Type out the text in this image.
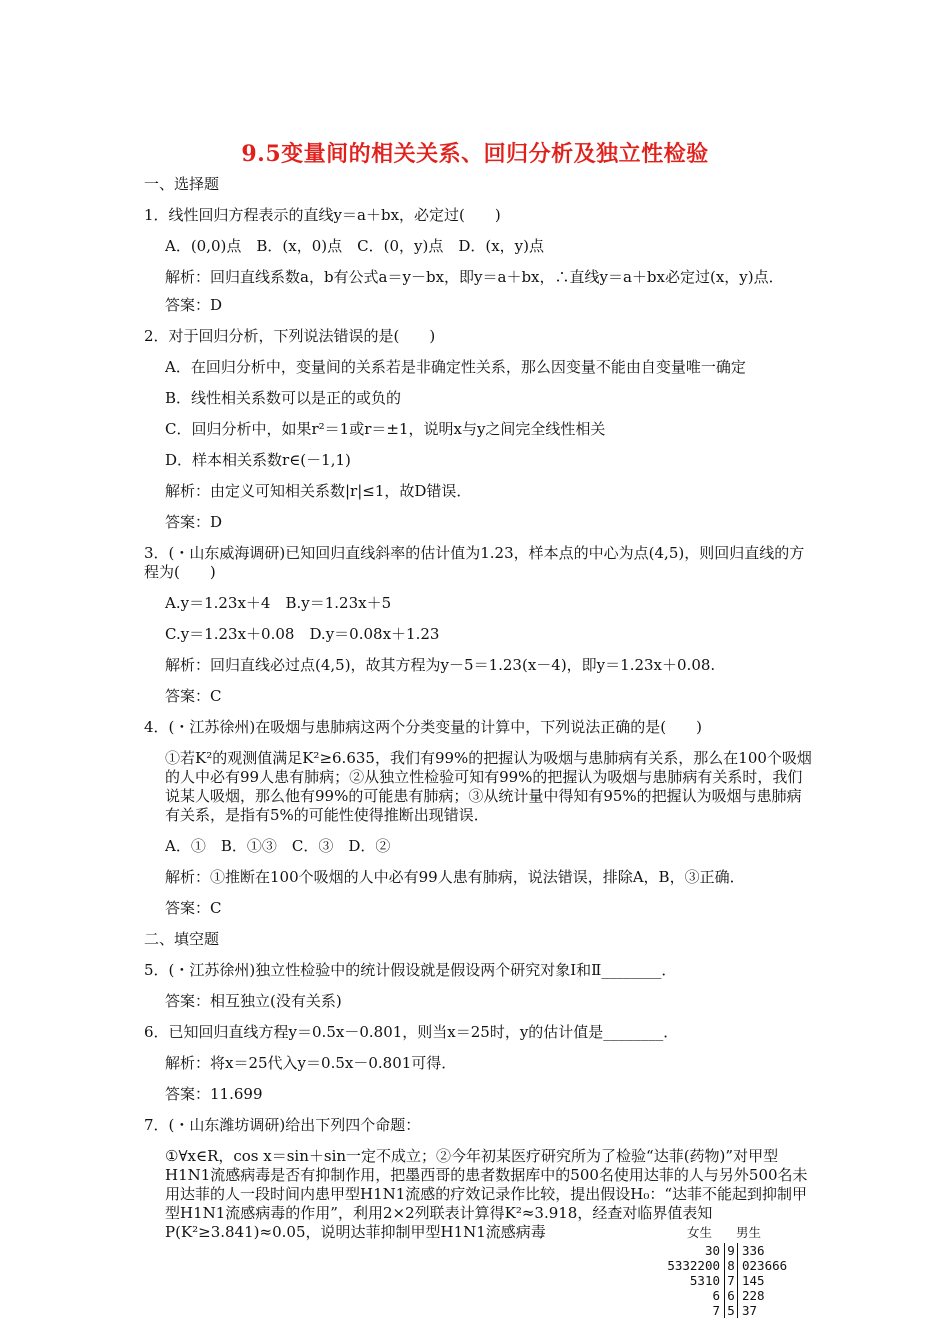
9.5变量间的相关关系、回归分析及独立性检验
一、选择题
1．线性回归方程表示的直线y＝a＋bx，必定过(　　)
A．(0,0)点　B．(x，0)点　C．(0，y)点　D．(x，y)点
解析：回归直线系数a，b有公式a＝y－bx，即y＝a＋bx，∴直线y＝a＋bx必定过(x，y)点．
答案：D
2．对于回归分析，下列说法错误的是(　　)
A．在回归分析中，变量间的关系若是非确定性关系，那么因变量不能由自变量唯一确定
B．线性相关系数可以是正的或负的
C．回归分析中，如果r²＝1或r＝±1，说明x与y之间完全线性相关
D．样本相关系数r∈(－1,1)
解析：由定义可知相关系数|r|≤1，故D错误．
答案：D
3．(・山东威海调研)已知回归直线斜率的估计值为1.23，样本点的中心为点(4,5)，则回归直线的方程为(　　)
A.y＝1.23x＋4　B.y＝1.23x＋5
C.y＝1.23x＋0.08　D.y＝0.08x＋1.23
解析：回归直线必过点(4,5)，故其方程为y－5＝1.23(x－4)，即y＝1.23x＋0.08.
答案：C
4．(・江苏徐州)在吸烟与患肺病这两个分类变量的计算中，下列说法正确的是(　　)
①若K²的观测值满足K²≥6.635，我们有99%的把握认为吸烟与患肺病有关系，那么在100个吸烟的人中必有99人患有肺病；②从独立性检验可知有99%的把握认为吸烟与患肺病有关系时，我们说某人吸烟，那么他有99%的可能患有肺病；③从统计量中得知有95%的把握认为吸烟与患肺病有关系，是指有5%的可能性使得推断出现错误．
A．①　B．①③　C．③　D．②
解析：①推断在100个吸烟的人中必有99人患有肺病，说法错误，排除A，B，③正确．
答案：C
二、填空题
5．(・江苏徐州)独立性检验中的统计假设就是假设两个研究对象Ⅰ和Ⅱ________．
答案：相互独立(没有关系)
6．已知回归直线方程y＝0.5x－0.801，则当x＝25时，y的估计值是________．
解析：将x＝25代入y＝0.5x－0.801可得．
答案：11.699
7．(・山东潍坊调研)给出下列四个命题：
①∀x∈R，cos x＝sin＋sin一定不成立；②今年初某医疗研究所为了检验“达菲(药物)”对甲型H1N1流感病毒是否有抑制作用，把墨西哥的患者数据库中的500名使用达菲的人与另外500名未用达菲的人一段时间内患甲型H1N1流感的疗效记录作比较，提出假设H₀：“达菲不能起到抑制甲型H1N1流感病毒的作用”，利用2×2列联表计算得K²≈3.918，经查对临界值表知P(K²≥3.841)≈0.05，说明达菲抑制甲型H1N1流感病毒	女生 男生
30 9 336
5332200 8 023666
5310 7 145
6 6 228
7 5 37
